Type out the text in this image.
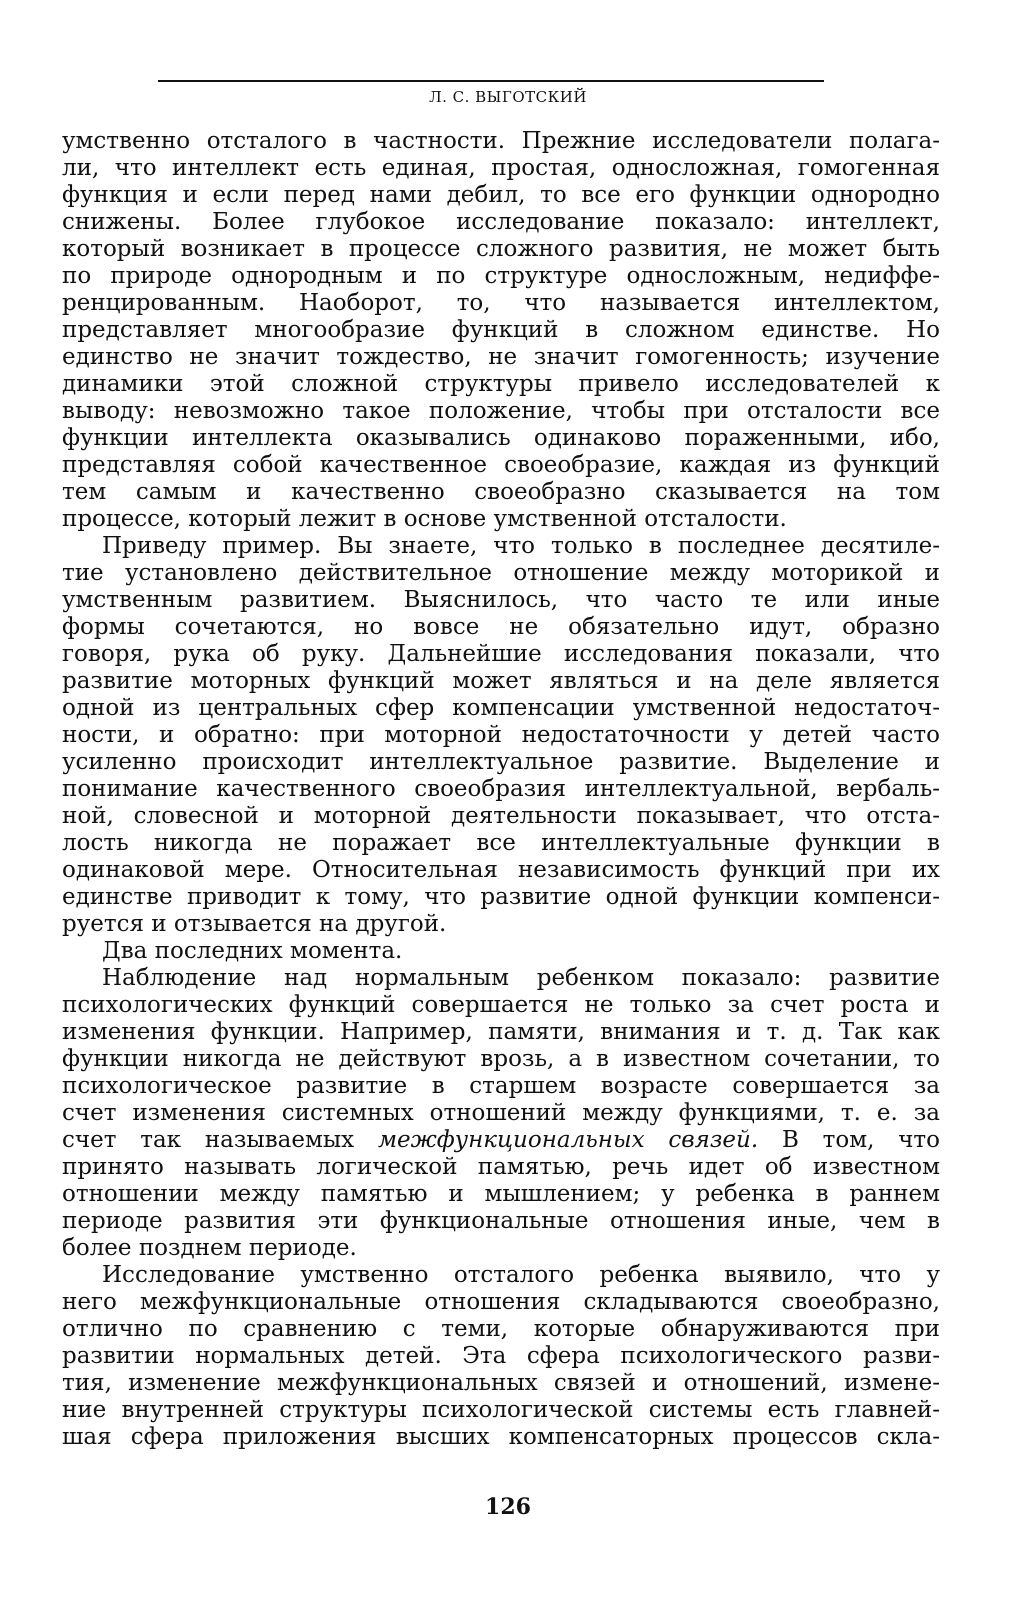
Л. С. ВЫГОТСКИЙ
умственно отсталого в частности. Прежние исследователи полага-
ли, что интеллект есть единая, простая, односложная, гомогенная
функция и если перед нами дебил, то все его функции однородно
снижены. Более глубокое исследование показало: интеллект,
который возникает в процессе сложного развития, не может быть
по природе однородным и по структуре односложным, недиффе-
ренцированным. Наоборот, то, что называется интеллектом,
представляет многообразие функций в сложном единстве. Но
единство не значит тождество, не значит гомогенность; изучение
динамики этой сложной структуры привело исследователей к
выводу: невозможно такое положение, чтобы при отсталости все
функции интеллекта оказывались одинаково пораженными, ибо,
представляя собой качественное своеобразие, каждая из функций
тем самым и качественно своеобразно сказывается на том
процессе, который лежит в основе умственной отсталости.
Приведу пример. Вы знаете, что только в последнее десятиле-
тие установлено действительное отношение между моторикой и
умственным развитием. Выяснилось, что часто те или иные
формы сочетаются, но вовсе не обязательно идут, образно
говоря, рука об руку. Дальнейшие исследования показали, что
развитие моторных функций может являться и на деле является
одной из центральных сфер компенсации умственной недостаточ-
ности, и обратно: при моторной недостаточности у детей часто
усиленно происходит интеллектуальное развитие. Выделение и
понимание качественного своеобразия интеллектуальной, вербаль-
ной, словесной и моторной деятельности показывает, что отста-
лость никогда не поражает все интеллектуальные функции в
одинаковой мере. Относительная независимость функций при их
единстве приводит к тому, что развитие одной функции компенси-
руется и отзывается на другой.
Два последних момента.
Наблюдение над нормальным ребенком показало: развитие
психологических функций совершается не только за счет роста и
изменения функции. Например, памяти, внимания и т. д. Так как
функции никогда не действуют врозь, а в известном сочетании, то
психологическое развитие в старшем возрасте совершается за
счет изменения системных отношений между функциями, т. е. за
счет так называемых межфункциональных связей. В том, что
принято называть логической памятью, речь идет об известном
отношении между памятью и мышлением; у ребенка в раннем
периоде развития эти функциональные отношения иные, чем в
более позднем периоде.
Исследование умственно отсталого ребенка выявило, что у
него межфункциональные отношения складываются своеобразно,
отлично по сравнению с теми, которые обнаруживаются при
развитии нормальных детей. Эта сфера психологического разви-
тия, изменение межфункциональных связей и отношений, измене-
ние внутренней структуры психологической системы есть главней-
шая сфера приложения высших компенсаторных процессов скла-
126
